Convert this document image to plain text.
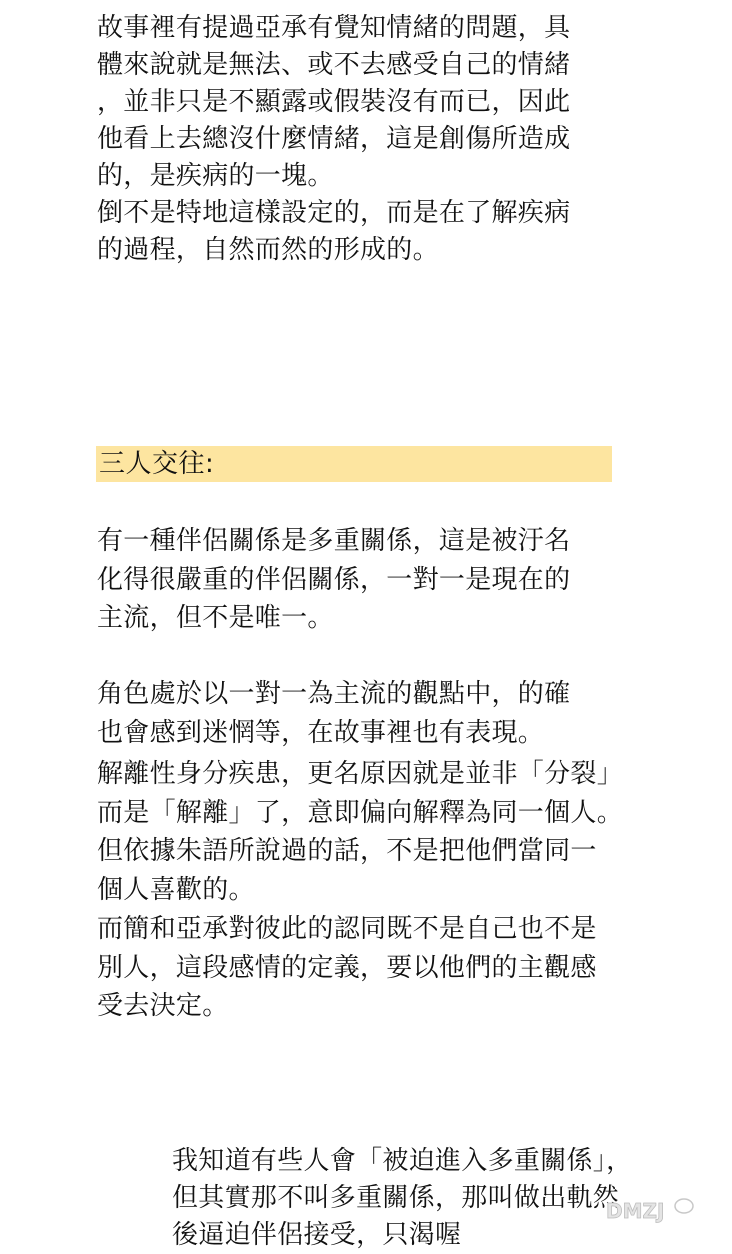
故事裡有提過亞承有覺知情緒的問題，具
體來說就是無法、或不去感受自己的情緒
，並非只是不顯露或假裝沒有而已，因此
他看上去總沒什麼情緒，這是創傷所造成
的，是疾病的一塊。

倒不是特地這樣設定的，而是在了解疾病
的過程，自然而然的形成的。

三人交往:

有一種伴侶關係是多重關係，這是被汙名
化得很嚴重的伴侶關係，一對一是現在的
主流，但不是唯一。

角色處於以一對一為主流的觀點中，的確
也會感到迷惘等，在故事裡也有表現。

解離性身分疾患，更名原因就是並非「分裂」
而是「解離」了，意即偏向解釋為同一個人。
但依據朱語所說過的話，不是把他們當同一
個人喜歡的。

而簡和亞承對彼此的認同既不是自己也不是
別人，這段感情的定義，要以他們的主觀感
受去決定。

我知道有些人會「被迫進入多重關係」，
但其實那不叫多重關係，那叫做出軌然
後逼迫伴侶接受，只渴喔

DMZJ
